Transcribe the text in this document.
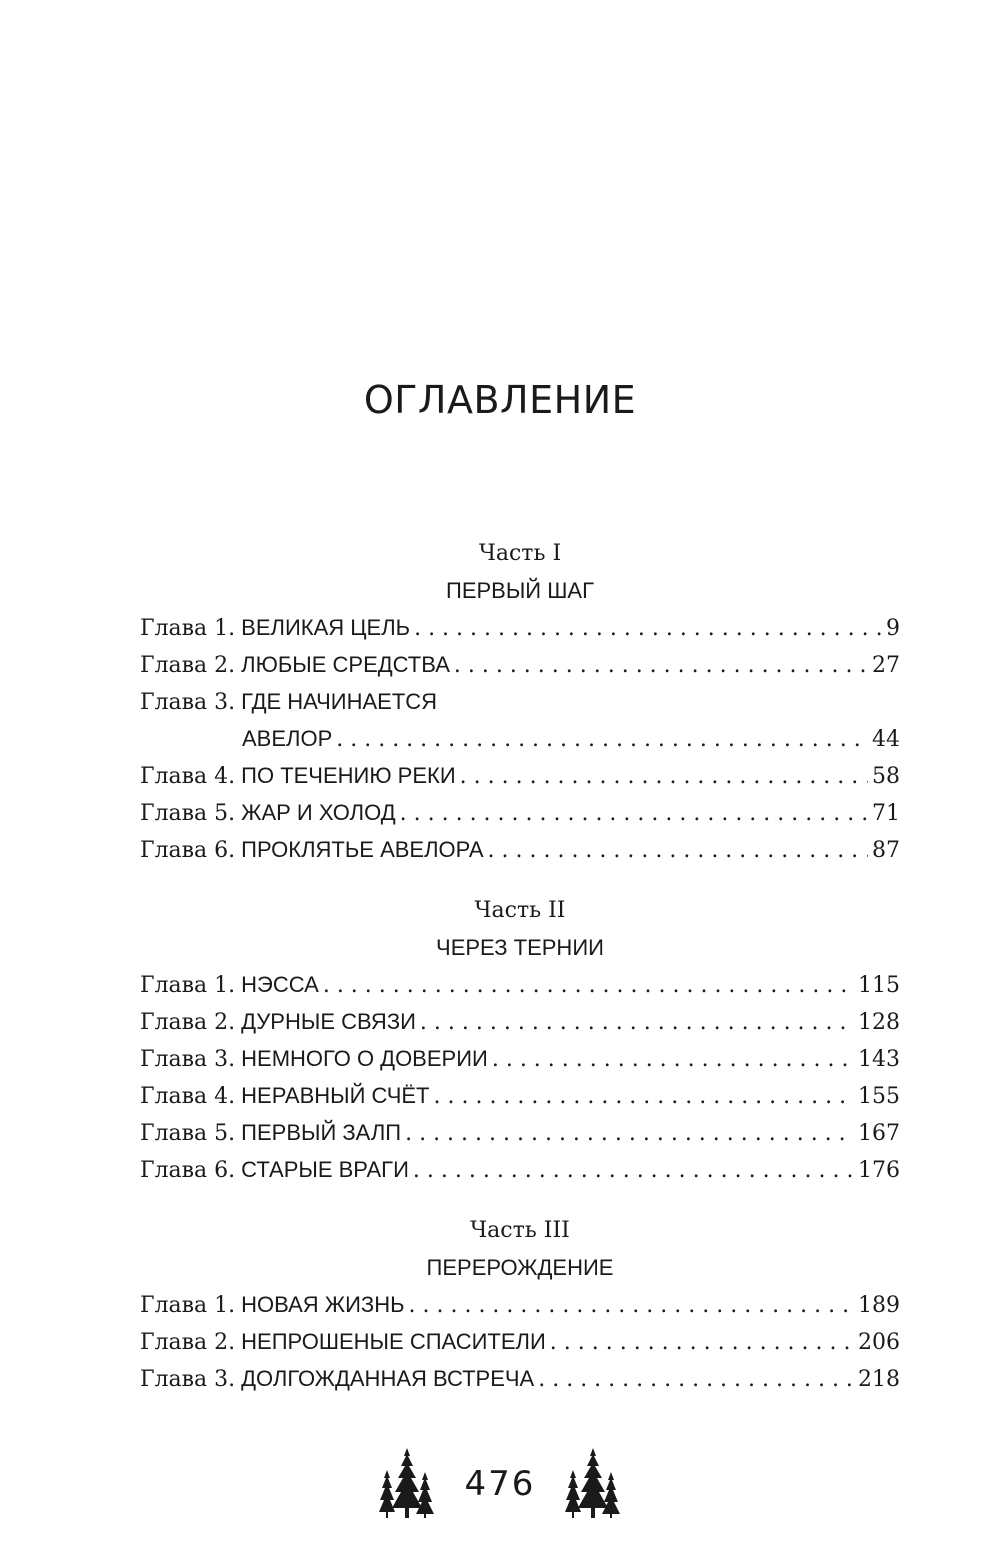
ОГЛАВЛЕНИЕ
Часть I
ПЕРВЫЙ ШАГ
Глава 1. ВЕЛИКАЯ ЦЕЛЬ . . .	9
Глава 2. ЛЮБЫЕ СРЕДСТВА . . .	27
Глава 3. ГДЕ НАЧИНАЕТСЯ
АВЕЛОР . . .	44
Глава 4. ПО ТЕЧЕНИЮ РЕКИ . . .	58
Глава 5. ЖАР И ХОЛОД . . .	71
Глава 6. ПРОКЛЯТЬЕ АВЕЛОРА . . .	87
Часть II
ЧЕРЕЗ ТЕРНИИ
Глава 1. НЭССА . . .	115
Глава 2. ДУРНЫЕ СВЯЗИ . . .	128
Глава 3. НЕМНОГО О ДОВЕРИИ . . .	143
Глава 4. НЕРАВНЫЙ СЧЁТ . . .	155
Глава 5. ПЕРВЫЙ ЗАЛП . . .	167
Глава 6. СТАРЫЕ ВРАГИ . . .	176
Часть III
ПЕРЕРОЖДЕНИЕ
Глава 1. НОВАЯ ЖИЗНЬ . . .	189
Глава 2. НЕПРОШЕНЫЕ СПАСИТЕЛИ . . .	206
Глава 3. ДОЛГОЖДАННАЯ ВСТРЕЧА . . .	218
476
